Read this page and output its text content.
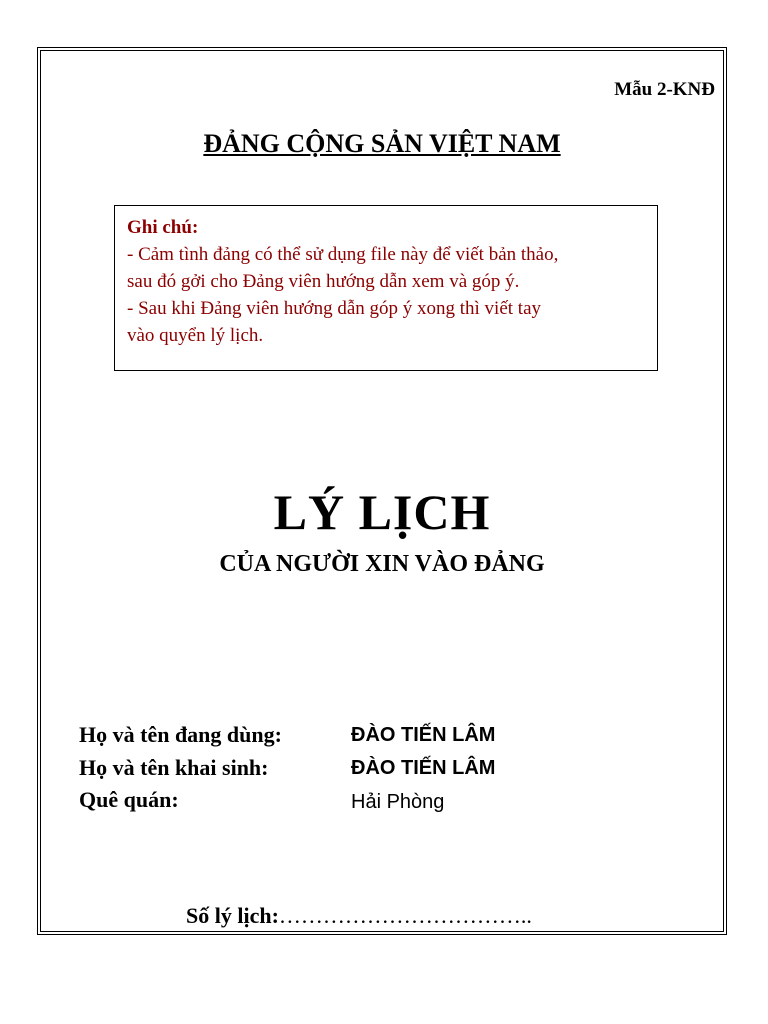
Mẫu 2-KNĐ
ĐẢNG CỘNG SẢN VIỆT NAM
Ghi chú:
- Cảm tình đảng có thể sử dụng file này để viết bản thảo,
sau đó gởi cho Đảng viên hướng dẫn xem và góp ý.
- Sau khi Đảng viên hướng dẫn góp ý xong thì viết tay
vào quyển lý lịch.
LÝ LỊCH
CỦA NGƯỜI XIN VÀO ĐẢNG
Họ và tên đang dùng:	ĐÀO TIẾN LÂM
Họ và tên khai sinh:	ĐÀO TIẾN LÂM
Quê quán:	Hải Phòng
Số lý lịch:……………………………..
